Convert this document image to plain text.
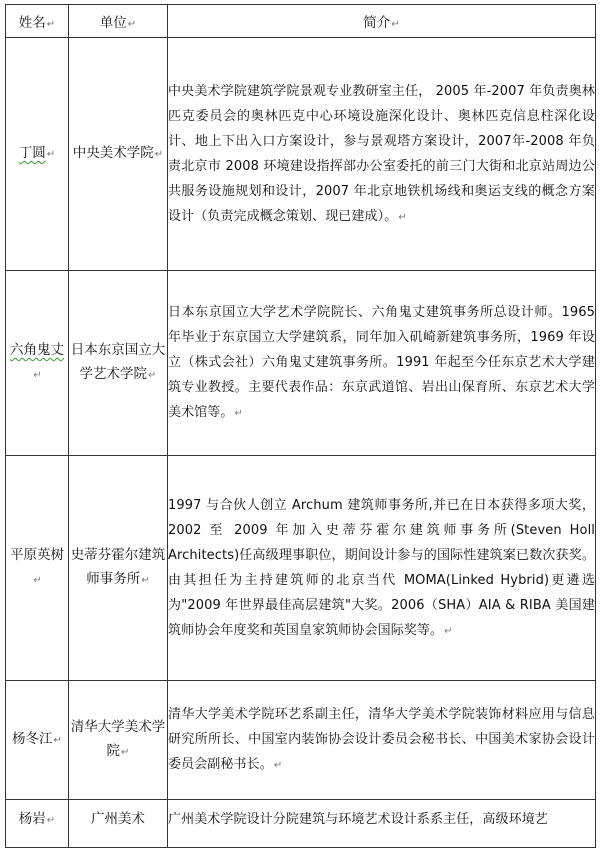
姓名↵	单位↵	简介↵
丁圆↵	中央美术学院↵	中央美术学院建筑学院景观专业教研室主任， 2005 年-2007 年负责奥林匹克委员会的奥林匹克中心环境设施深化设计、奥林匹克信息柱深化设计、地上下出入口方案设计，参与景观塔方案设计，2007年-2008 年负责北京市 2008 环境建设指挥部办公室委托的前三门大街和北京站周边公共服务设施规划和设计，2007 年北京地铁机场线和奥运支线的概念方案设计（负责完成概念策划、现已建成）。↵
六角鬼丈↵	日本东京国立大学艺术学院↵	日本东京国立大学艺术学院院长、六角鬼丈建筑事务所总设计师。1965 年毕业于东京国立大学建筑系，同年加入矶崎新建筑事务所，1969 年设立（株式会社）六角鬼丈建筑事务所。1991 年起至今任东京艺术大学建筑专业教授。主要代表作品：东京武道馆、岩出山保育所、东京艺术大学美术馆等。↵
平原英树↵	史蒂芬霍尔建筑师事务所↵	1997 与合伙人创立 Archum 建筑师事务所,并已在日本获得多项大奖，2002 至 2009 年加入史蒂芬霍尔建筑师事务所(Steven Holl Architects)任高级理事职位，期间设计参与的国际性建筑案已数次获奖。由其担任为主持建筑师的北京当代 MOMA(Linked Hybrid)更遴选为"2009 年世界最佳高层建筑"大奖。2006（SHA）AIA & RIBA 美国建筑师协会年度奖和英国皇家筑师协会国际奖等。↵
杨冬江↵	清华大学美术学院↵	清华大学美术学院环艺系副主任，清华大学美术学院装饰材料应用与信息研究所所长、中国室内装饰协会设计委员会秘书长、中国美术家协会设计委员会副秘书长。↵
杨岩↵	广州美术	广州美术学院设计分院建筑与环境艺术设计系系主任，高级环境艺
